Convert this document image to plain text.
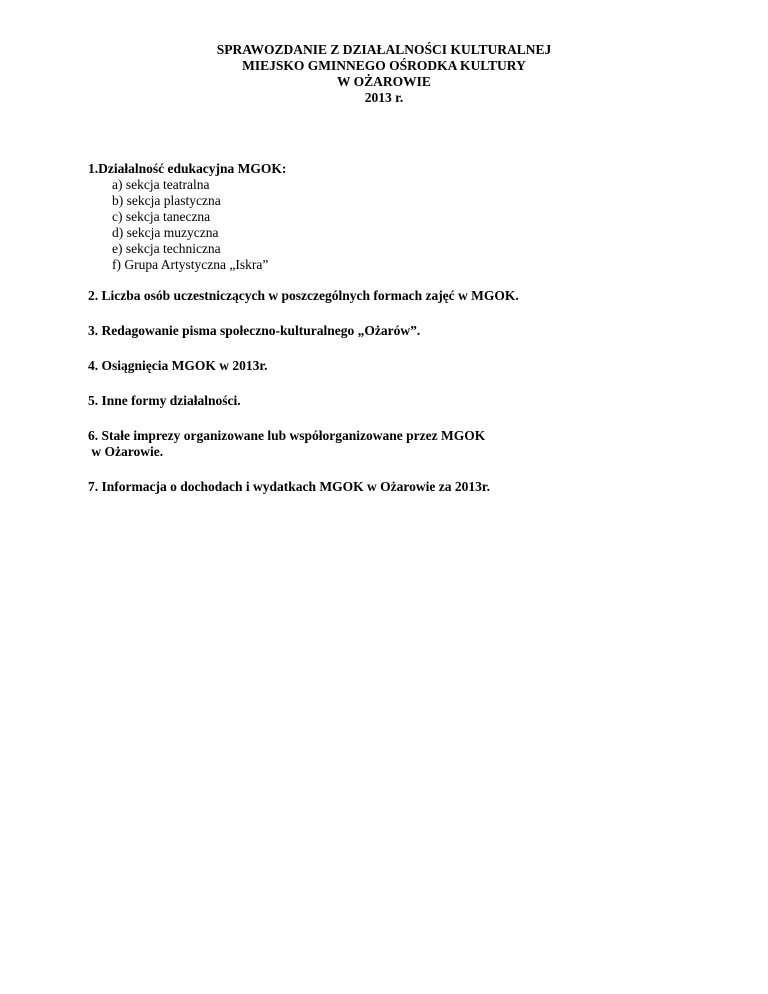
SPRAWOZDANIE Z DZIAŁALNOŚCI KULTURALNEJ
MIEJSKO GMINNEGO OŚRODKA KULTURY
W OŻAROWIE
2013 r.
1.Działalność edukacyjna MGOK:
a) sekcja teatralna
b) sekcja plastyczna
c) sekcja taneczna
d) sekcja muzyczna
e) sekcja techniczna
f) Grupa Artystyczna „Iskra”
2. Liczba osób uczestniczących w poszczególnych formach zajęć w MGOK.
3. Redagowanie pisma społeczno-kulturalnego „Ożarów”.
4. Osiągnięcia MGOK w 2013r.
5. Inne formy działalności.
6. Stałe imprezy organizowane lub współorganizowane przez MGOK
w Ożarowie.
7. Informacja o dochodach i wydatkach MGOK w Ożarowie za 2013r.
